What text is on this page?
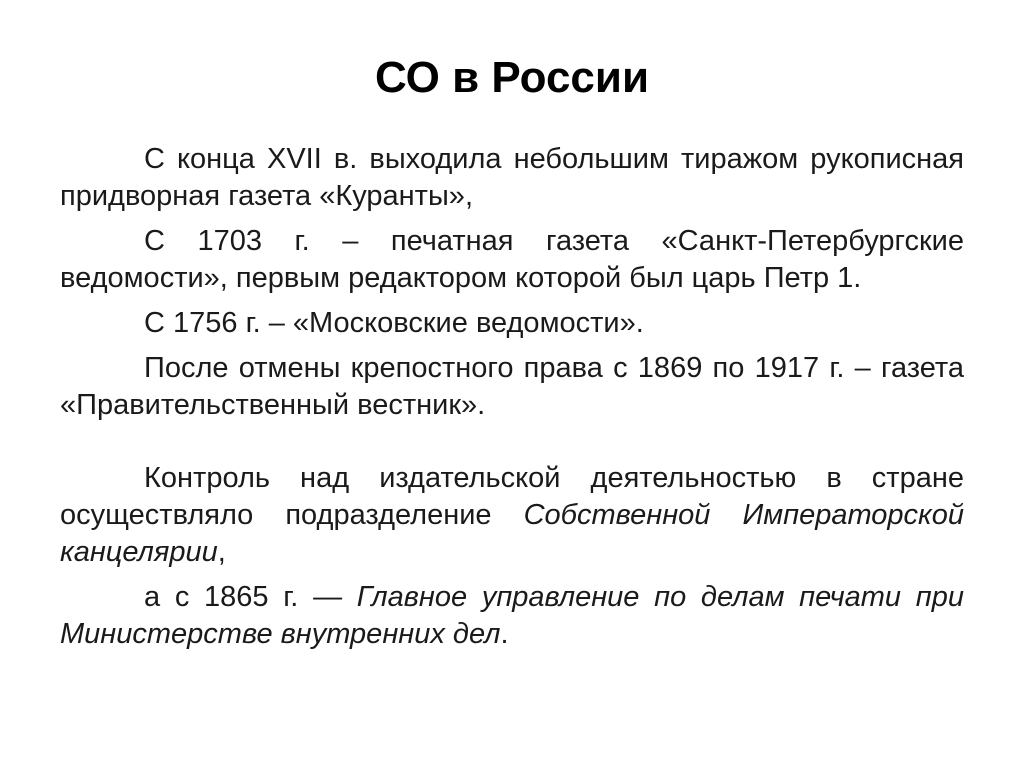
СО в России

С конца XVII в. выходила небольшим тиражом рукописная придворная газета «Куранты»,

С 1703 г. – печатная газета «Санкт-Петербургские ведомости», первым редактором которой был царь Петр 1.

С 1756 г. – «Московские ведомости».

После отмены крепостного права с 1869 по 1917 г. – газета «Правительственный вестник».

Контроль над издательской деятельностью в стране осуществляло подразделение Собственной Императорской канцелярии,

а с 1865 г. — Главное управление по делам печати при Министерстве внутренних дел.
